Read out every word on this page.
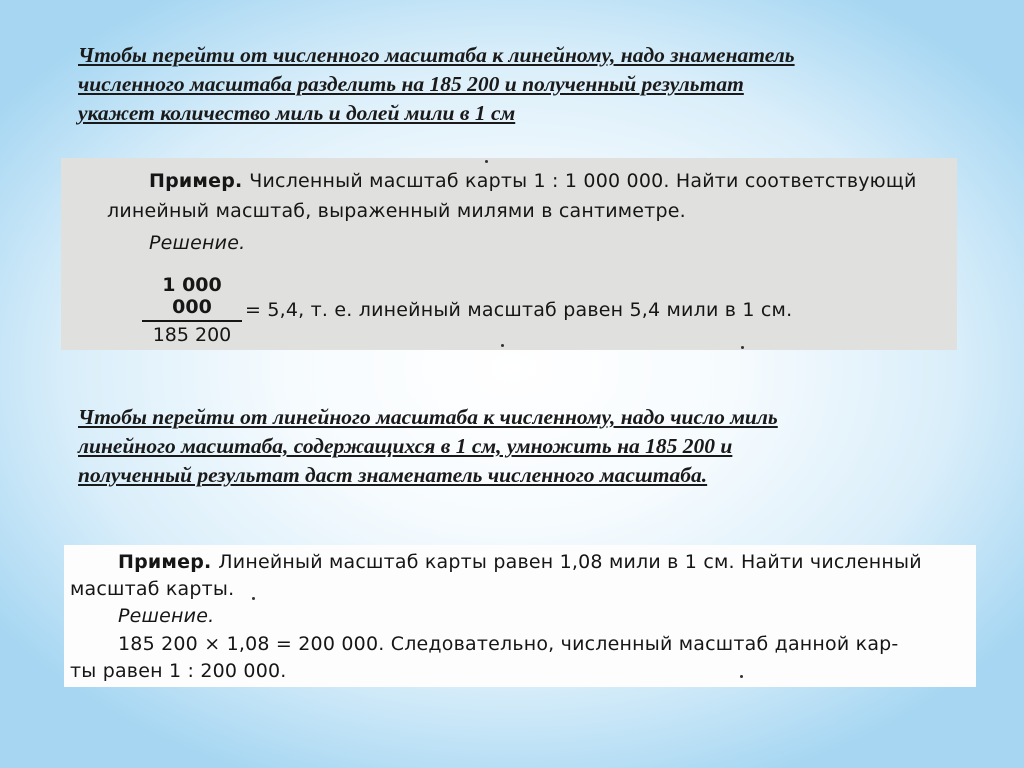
Чтобы перейти от численного масштаба к линейному, надо знаменатель
численного масштаба разделить на 185 200 и полученный результат
укажет количество миль и долей мили в 1 см

Пример. Численный масштаб карты 1 : 1 000 000. Найти соответствующй
линейный масштаб, выраженный милями в сантиметре.
Решение.
1 000 000
185 200
= 5,4, т. е. линейный масштаб равен 5,4 мили в 1 см.

Чтобы перейти от линейного масштаба к численному, надо число миль
линейного масштаба, содержащихся в 1 см, умножить на 185 200 и
полученный результат даст знаменатель численного масштаба.

Пример. Линейный масштаб карты равен 1,08 мили в 1 см. Найти численный
масштаб карты.
Решение.
185 200 × 1,08 = 200 000. Следовательно, численный масштаб данной кар-
ты равен 1 : 200 000.
